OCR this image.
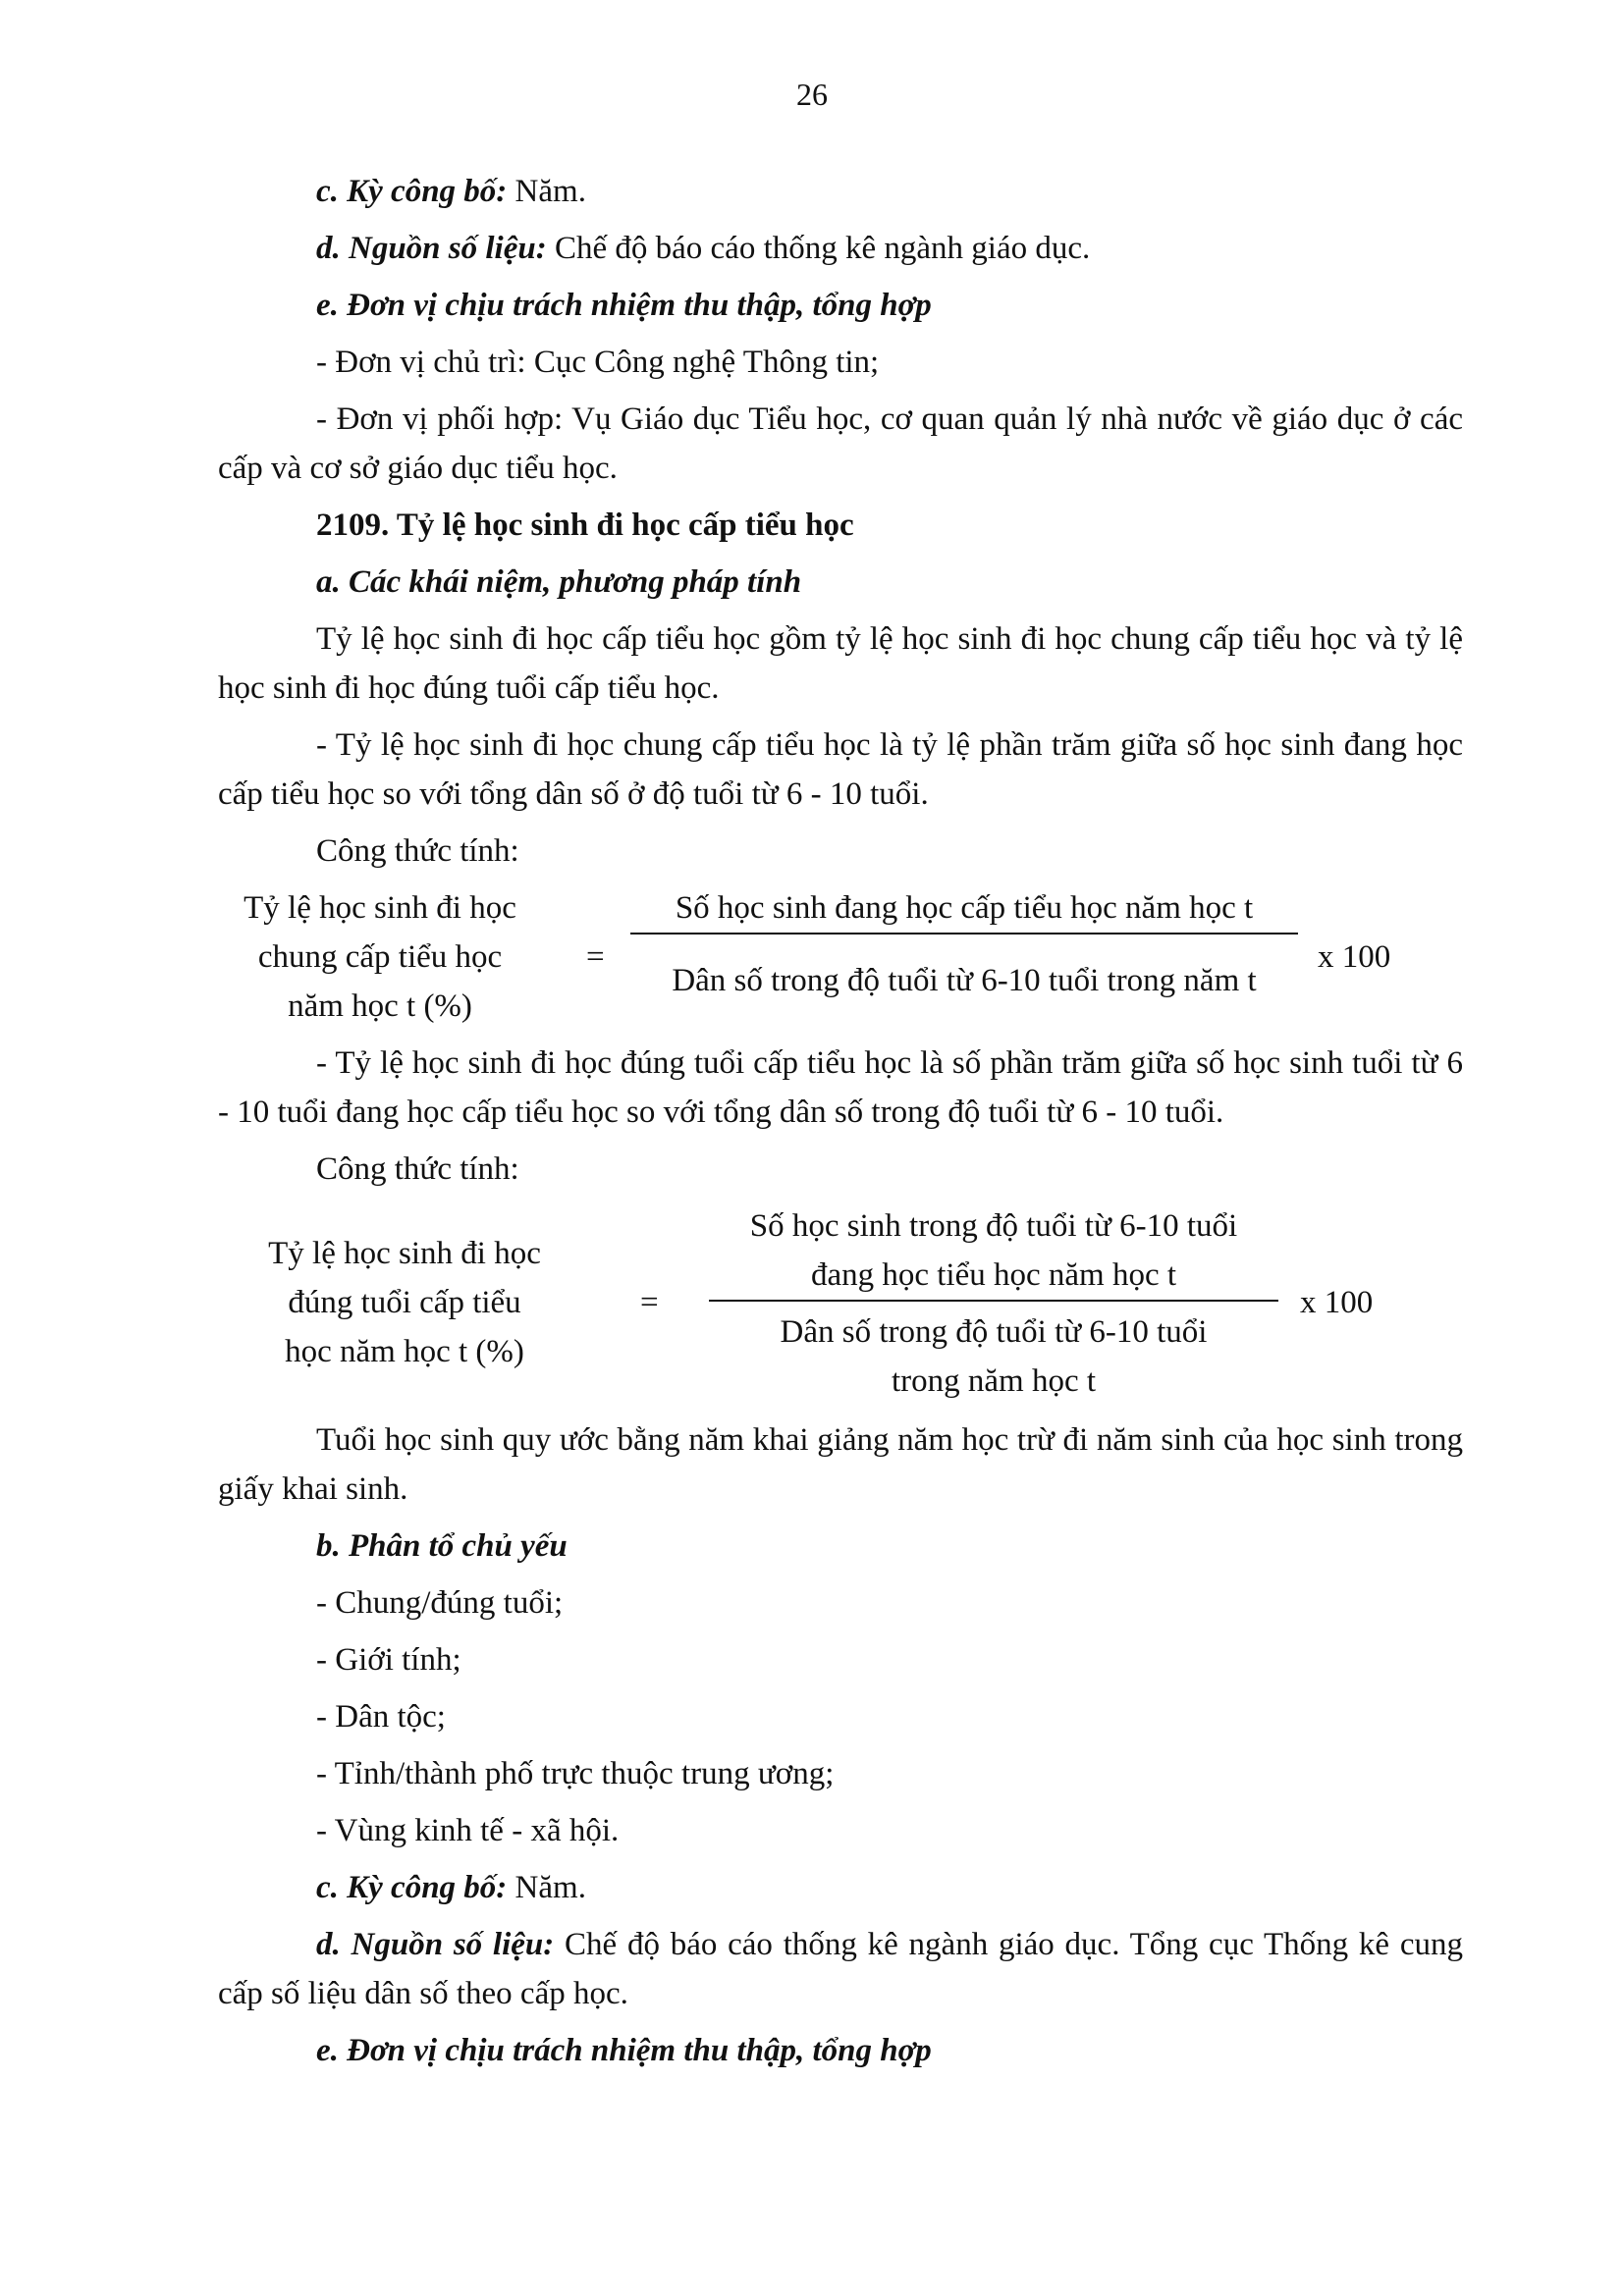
26

c. Kỳ công bố: Năm.

d. Nguồn số liệu: Chế độ báo cáo thống kê ngành giáo dục.

e. Đơn vị chịu trách nhiệm thu thập, tổng hợp

- Đơn vị chủ trì: Cục Công nghệ Thông tin;

- Đơn vị phối hợp: Vụ Giáo dục Tiểu học, cơ quan quản lý nhà nước về giáo dục ở các cấp và cơ sở giáo dục tiểu học.

2109. Tỷ lệ học sinh đi học cấp tiểu học

a. Các khái niệm, phương pháp tính

Tỷ lệ học sinh đi học cấp tiểu học gồm tỷ lệ học sinh đi học chung cấp tiểu học và tỷ lệ học sinh đi học đúng tuổi cấp tiểu học.

- Tỷ lệ học sinh đi học chung cấp tiểu học là tỷ lệ phần trăm giữa số học sinh đang học cấp tiểu học so với tổng dân số ở độ tuổi từ 6 - 10 tuổi.

Công thức tính:

Tỷ lệ học sinh đi học
chung cấp tiểu học
năm học t (%)
=
Số học sinh đang học cấp tiểu học năm học t
Dân số trong độ tuổi từ 6-10 tuổi trong năm t
x 100

- Tỷ lệ học sinh đi học đúng tuổi cấp tiểu học là số phần trăm giữa số học sinh tuổi từ 6 - 10 tuổi đang học cấp tiểu học so với tổng dân số trong độ tuổi từ 6 - 10 tuổi.

Công thức tính:

Tỷ lệ học sinh đi học
đúng tuổi cấp tiểu
học năm học t (%)
=
Số học sinh trong độ tuổi từ 6-10 tuổi
đang học tiểu học năm học t
Dân số trong độ tuổi từ 6-10 tuổi
trong năm học t
x 100

Tuổi học sinh quy ước bằng năm khai giảng năm học trừ đi năm sinh của học sinh trong giấy khai sinh.

b. Phân tổ chủ yếu

- Chung/đúng tuổi;

- Giới tính;

- Dân tộc;

- Tỉnh/thành phố trực thuộc trung ương;

- Vùng kinh tế - xã hội.

c. Kỳ công bố: Năm.

d. Nguồn số liệu: Chế độ báo cáo thống kê ngành giáo dục. Tổng cục Thống kê cung cấp số liệu dân số theo cấp học.

e. Đơn vị chịu trách nhiệm thu thập, tổng hợp
